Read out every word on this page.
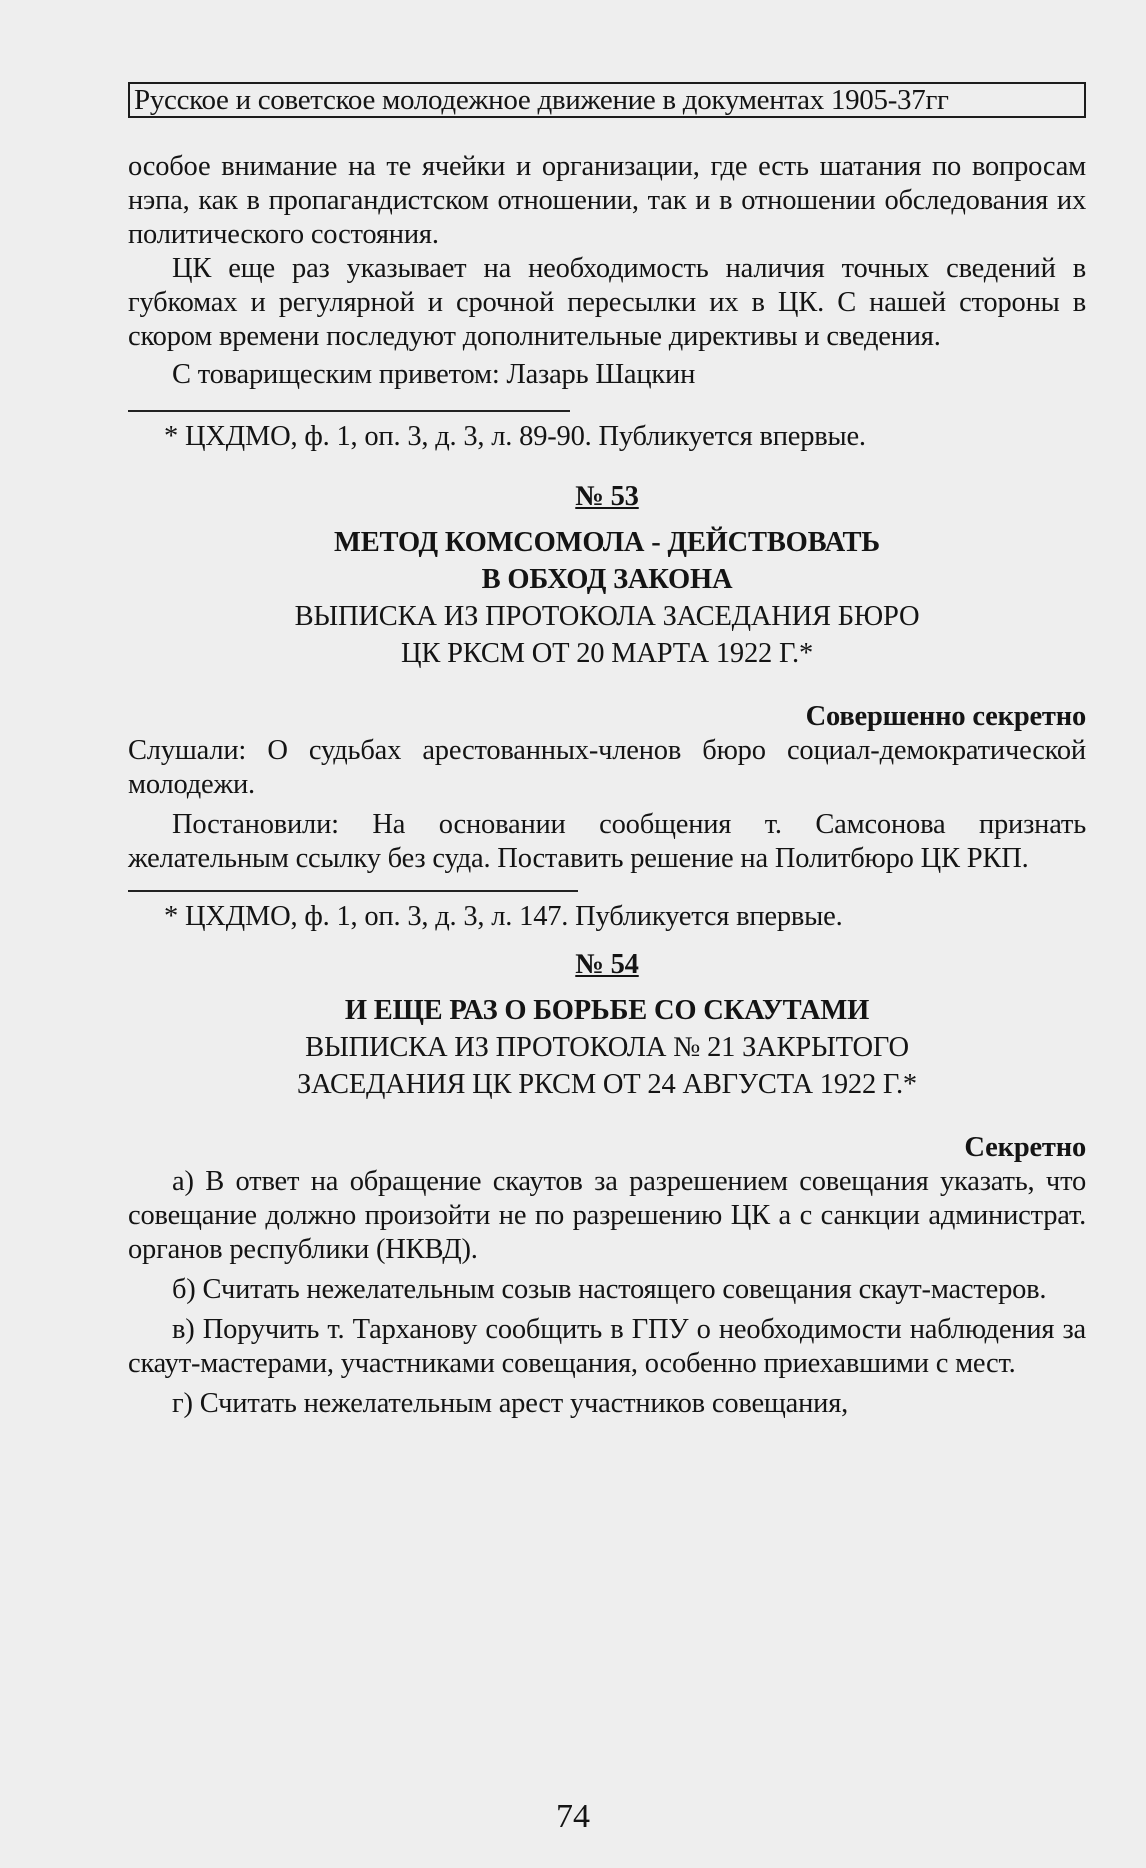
Русское и советское молодежное движение в документах 1905-37гг

особое внимание на те ячейки и организации, где есть шатания по вопросам нэпа, как в пропагандистском отношении, так и в отношении обследования их политического состояния.

ЦК еще раз указывает на необходимость наличия точных сведений в губкомах и регулярной и срочной пересылки их в ЦК. С нашей стороны в скором времени последуют дополнительные директивы и сведения.

С товарищеским приветом: Лазарь Шацкин

* ЦХДМО, ф. 1, оп. 3, д. 3, л. 89-90. Публикуется впервые.

№ 53

МЕТОД КОМСОМОЛА - ДЕЙСТВОВАТЬ
В ОБХОД ЗАКОНА

ВЫПИСКА ИЗ ПРОТОКОЛА ЗАСЕДАНИЯ БЮРО
ЦК РКСМ ОТ 20 МАРТА 1922 Г.*

Совершенно секретно

Слушали: О судьбах арестованных-членов бюро социал-демократической молодежи.

Постановили: На основании сообщения т. Самсонова признать желательным ссылку без суда. Поставить решение на Политбюро ЦК РКП.

* ЦХДМО, ф. 1, оп. 3, д. 3, л. 147. Публикуется впервые.

№ 54

И ЕЩЕ РАЗ О БОРЬБЕ СО СКАУТАМИ

ВЫПИСКА ИЗ ПРОТОКОЛА № 21 ЗАКРЫТОГО
ЗАСЕДАНИЯ ЦК РКСМ ОТ 24 АВГУСТА 1922 Г.*

Секретно

а) В ответ на обращение скаутов за разрешением совещания указать, что совещание должно произойти не по разрешению ЦК а с санкции администрат. органов республики (НКВД).

б) Считать нежелательным созыв настоящего совещания скаут-мастеров.

в) Поручить т. Тарханову сообщить в ГПУ о необходимости наблюдения за скаут-мастерами, участниками совещания, особенно приехавшими с мест.

г) Считать нежелательным арест участников совещания,

74
